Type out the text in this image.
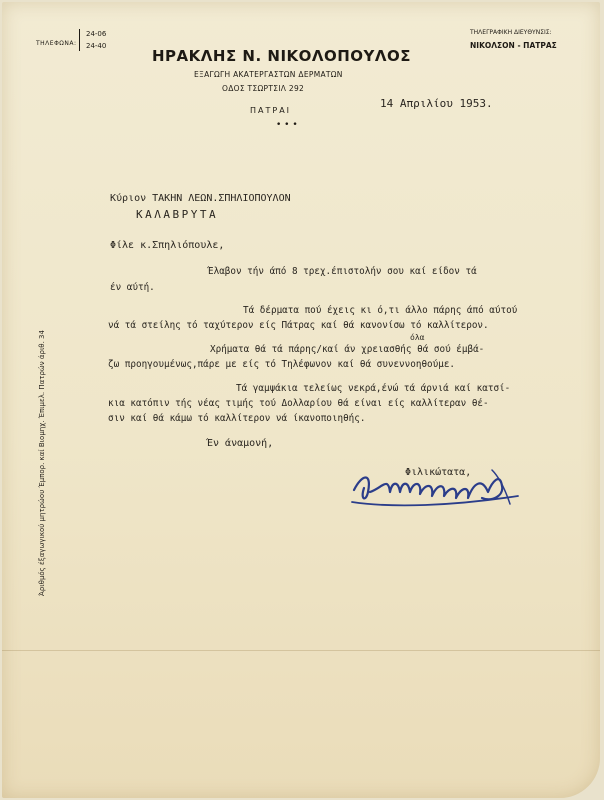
ΤΗΛΕΦΩΝΑ:
24-06
24-40
ΗΡΑΚΛΗΣ Ν. ΝΙΚΟΛΟΠΟΥΛΟΣ
ΕΞΑΓΩΓΗ ΑΚΑΤΕΡΓΑΣΤΩΝ ΔΕΡΜΑΤΩΝ
ΟΔΟΣ ΤΣΩΡΤΣΙΛ 292
ΠΑΤΡΑΙ
• • •
ΤΗΛΕΓΡΑΦΙΚΗ ΔΙΕΥΘΥΝΣΙΣ:
ΝΙΚΟΛΣΟΝ - ΠΑΤΡΑΣ
14 Απριλίου 1953.
Κύριον ΤΑΚΗΝ ΛΕΩΝ.ΣΠΗΛΙΟΠΟΥΛΟΝ
ΚΑΛΑΒΡΥΤΑ
Φίλε κ.Σπηλιόπουλε,
Έλαβον τήν άπό 8 τρεχ.έπιστολήν σου καί είδον τά
έν αύτή.
Τά δέρματα πού έχεις κι ό,τι άλλο πάρης άπό αύτού
νά τά στείλης τό ταχύτερον είς Πάτρας καί θά κανονίσω τό καλλίτερον.
όλα
Χρήματα θά τά πάρης/καί άν χρειασθής θά σού έμβά-
ζω προηγουμένως,πάρε με είς τό Τηλέφωνον καί θά συνεννοηθούμε.
Τά γαμψάκια τελείως νεκρά,ένώ τά άρνιά καί κατσί-
κια κατόπιν τής νέας τιμής τού Δολλαρίου θά είναι είς καλλίτεραν θέ-
σιν καί θά κάμω τό καλλίτερον νά ίκανοποιηθής.
Έν άναμονή,
Φιλικώτατα,
Άριθμός έξαγωγικού μητρώου Έμπορ. καί Βιομηχ. Έπιμελ. Πατρών άριθ. 34
